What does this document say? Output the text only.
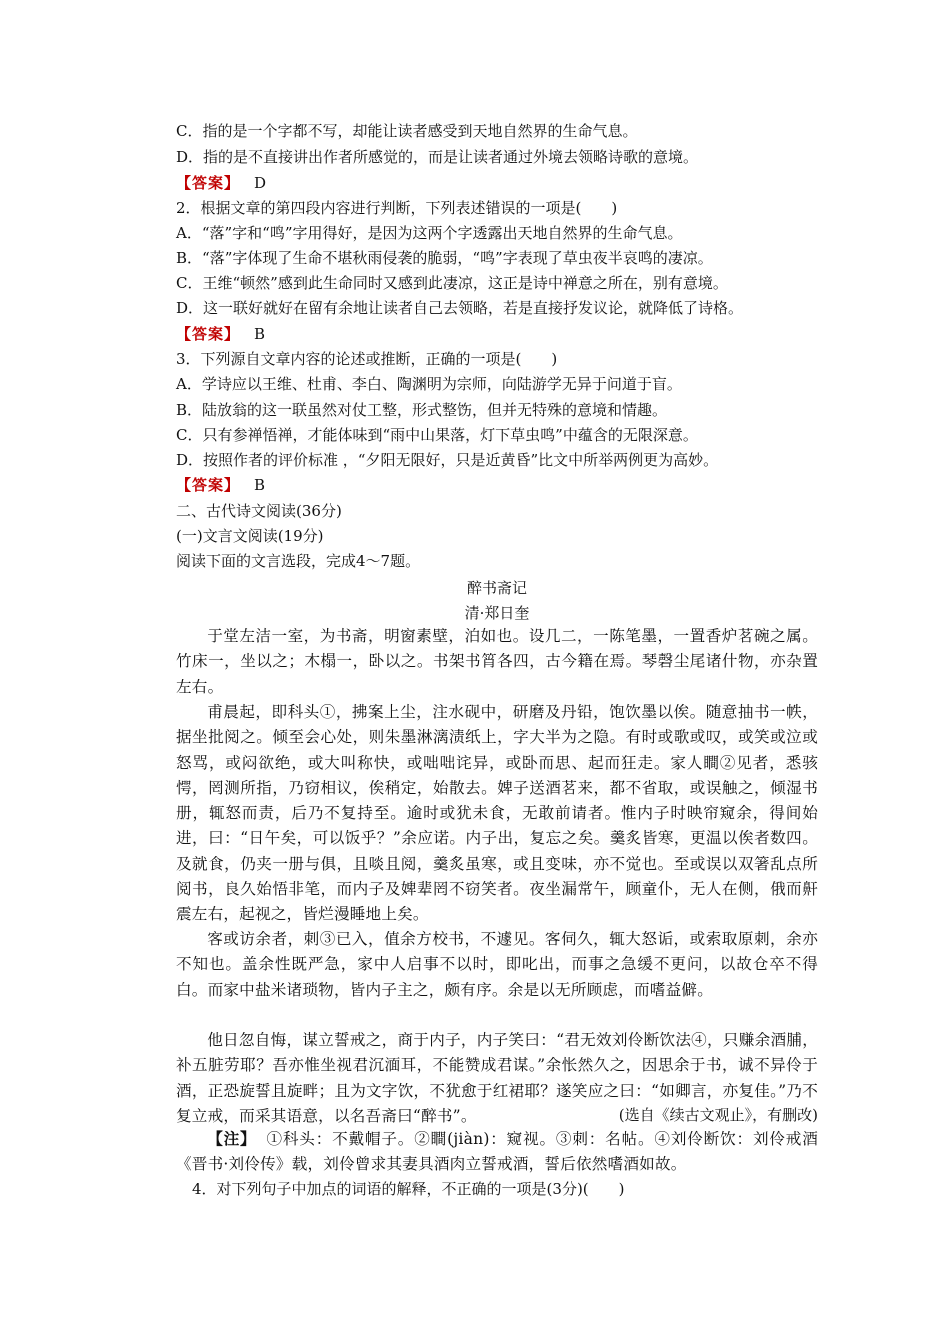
C．指的是一个字都不写，却能让读者感受到天地自然界的生命气息。
D．指的是不直接讲出作者所感觉的，而是让读者通过外境去领略诗歌的意境。
【答案】 D
2．根据文章的第四段内容进行判断，下列表述错误的一项是(　　)
A．“落”字和“鸣”字用得好，是因为这两个字透露出天地自然界的生命气息。
B．“落”字体现了生命不堪秋雨侵袭的脆弱，“鸣”字表现了草虫夜半哀鸣的凄凉。
C．王维“顿然”感到此生命同时又感到此凄凉，这正是诗中禅意之所在，别有意境。
D．这一联好就好在留有余地让读者自己去领略，若是直接抒发议论，就降低了诗格。
【答案】 B
3．下列源自文章内容的论述或推断，正确的一项是(　　)
A．学诗应以王维、杜甫、李白、陶渊明为宗师，向陆游学无异于问道于盲。
B．陆放翁的这一联虽然对仗工整，形式整饬，但并无特殊的意境和情趣。
C．只有参禅悟禅，才能体味到“雨中山果落，灯下草虫鸣”中蕴含的无限深意。
D．按照作者的评价标准 ，“夕阳无限好，只是近黄昏”比文中所举两例更为高妙。
【答案】 B
二、古代诗文阅读(36分)
(一)文言文阅读(19分)
阅读下面的文言选段，完成4～7题。
醉书斋记
清·郑日奎
于堂左洁一室，为书斋，明窗素壁，泊如也。设几二，一陈笔墨，一置香炉茗碗之属。竹床一，坐以之；木榻一，卧以之。书架书筲各四，古今籍在焉。琴磬尘尾诸什物，亦杂置左右。
甫晨起，即科头①，拂案上尘，注水砚中，研磨及丹铅，饱饮墨以俟。随意抽书一帙，据坐批阅之。倾至会心处，则朱墨淋漓渍纸上，字大半为之隐。有时或歌或叹，或笑或泣或怒骂，或闷欲绝，或大叫称快，或咄咄诧异，或卧而思、起而狂走。家人瞷②见者，悉骇愕，罔测所指，乃窃相议，俟稍定，始散去。婢子送酒茗来，都不省取，或误触之，倾湿书册，辄怒而责，后乃不复持至。逾时或犹未食，无敢前请者。惟内子时映帘窥余，得间始进，曰：“日午矣，可以饭乎？”余应诺。内子出，复忘之矣。羹炙皆寒，更温以俟者数四。及就食，仍夹一册与俱，且啖且阅，羹炙虽寒，或且变味，亦不觉也。至或误以双箸乱点所阅书，良久始悟非笔，而内子及婢辈罔不窃笑者。夜坐漏常午，顾童仆，无人在侧，俄而鼾震左右，起视之，皆烂漫睡地上矣。
客或访余者，刺③已入，值余方校书，不遽见。客伺久，辄大怒诟，或索取原刺，余亦不知也。盖余性既严急，家中人启事不以时，即叱出，而事之急缓不更问，以故仓卒不得白。而家中盐米诸琐物，皆内子主之，颇有序。余是以无所顾虑，而嗜益僻。
他日忽自悔，谋立誓戒之，商于内子，内子笑曰：“君无效刘伶断饮法④，只赚余酒脯，补五脏劳耶？吾亦惟坐视君沉湎耳，不能赞成君谋。”余怅然久之，因思余于书，诚不异伶于酒，正恐旋誓且旋畔；且为文字饮，不犹愈于红裙耶？遂笑应之曰：“如卿言，亦复佳。”乃不复立戒，而采其语意，以名吾斋曰“醉书”。	(选自《续古文观止》，有删改)
【注】 ①科头：不戴帽子。②瞷(jiàn)：窥视。③刺：名帖。④刘伶断饮：刘伶戒酒《晋书·刘伶传》载，刘伶曾求其妻具酒肉立誓戒酒，誓后依然嗜酒如故。
4．对下列句子中加点的词语的解释，不正确的一项是(3分)(　　)
